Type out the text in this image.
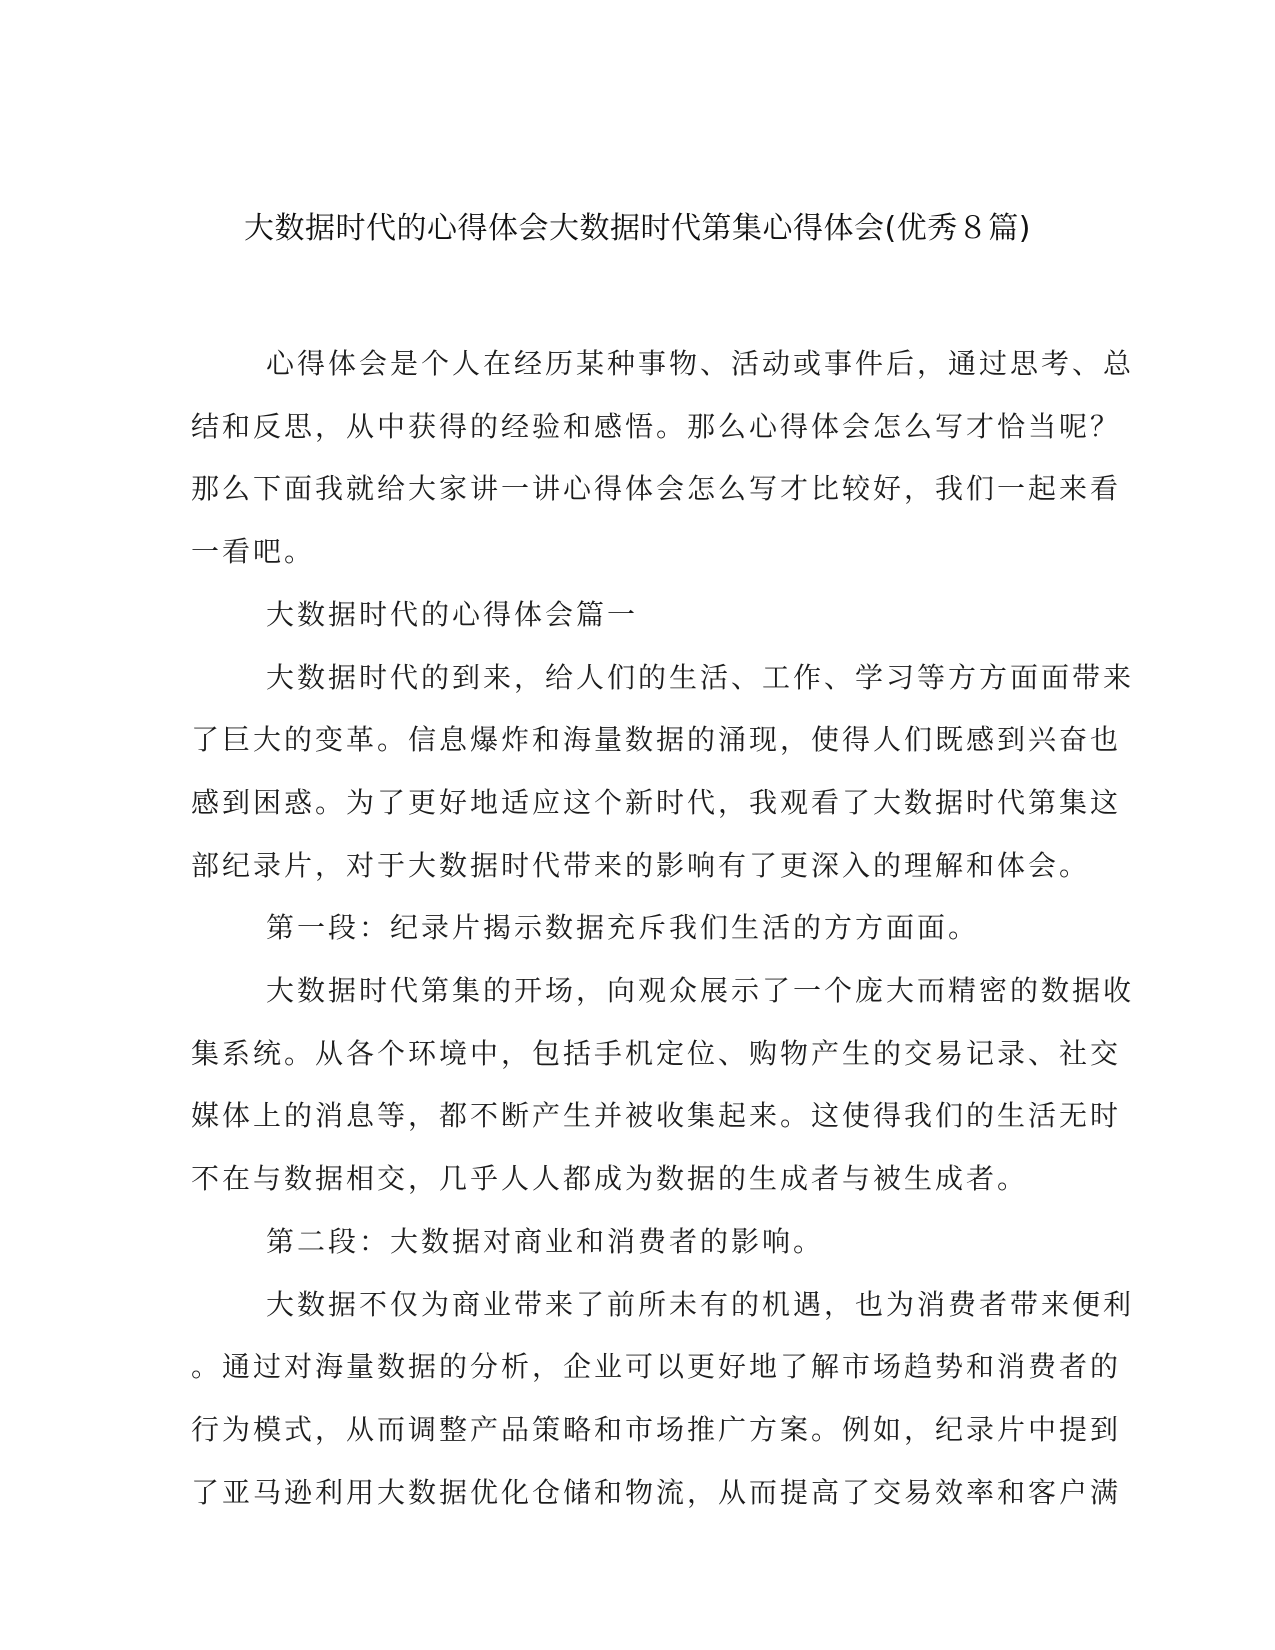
大数据时代的心得体会大数据时代第集心得体会(优秀８篇)

心得体会是个人在经历某种事物、活动或事件后，通过思考、总

结和反思，从中获得的经验和感悟。那么心得体会怎么写才恰当呢？

那么下面我就给大家讲一讲心得体会怎么写才比较好，我们一起来看

一看吧。

大数据时代的心得体会篇一

大数据时代的到来，给人们的生活、工作、学习等方方面面带来

了巨大的变革。信息爆炸和海量数据的涌现，使得人们既感到兴奋也

感到困惑。为了更好地适应这个新时代，我观看了大数据时代第集这

部纪录片，对于大数据时代带来的影响有了更深入的理解和体会。

第一段：纪录片揭示数据充斥我们生活的方方面面。

大数据时代第集的开场，向观众展示了一个庞大而精密的数据收

集系统。从各个环境中，包括手机定位、购物产生的交易记录、社交

媒体上的消息等，都不断产生并被收集起来。这使得我们的生活无时

不在与数据相交，几乎人人都成为数据的生成者与被生成者。

第二段：大数据对商业和消费者的影响。

大数据不仅为商业带来了前所未有的机遇，也为消费者带来便利

。通过对海量数据的分析，企业可以更好地了解市场趋势和消费者的

行为模式，从而调整产品策略和市场推广方案。例如，纪录片中提到

了亚马逊利用大数据优化仓储和物流，从而提高了交易效率和客户满
